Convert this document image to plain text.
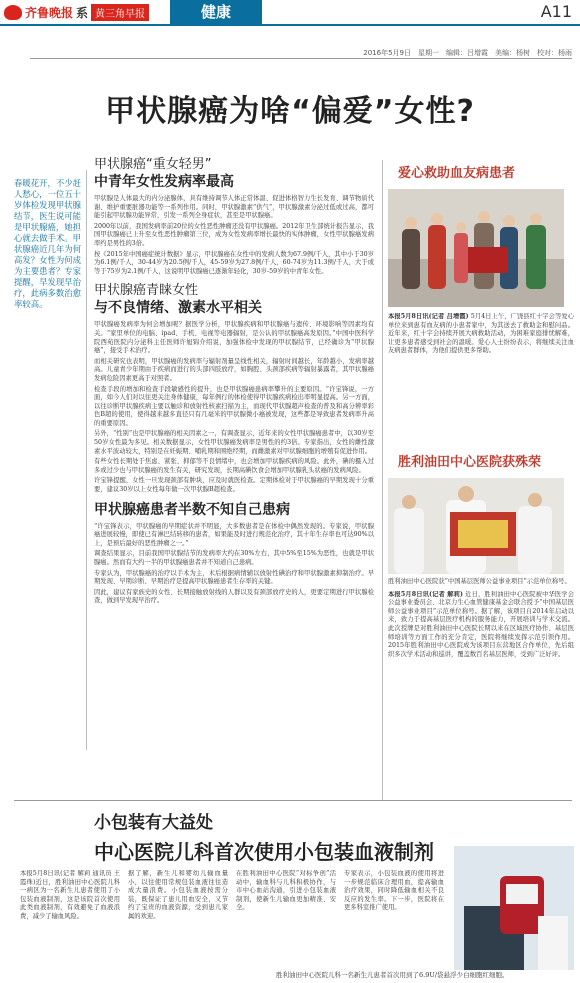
齐鲁晚报 系 黄三角早报	健康	A11
2016年5月9日　星期一　编辑：吕增霞　美编：杨树　校对：杨雨
甲状腺癌为啥“偏爱”女性?
春暖花开，不少赶人愁心，一位五十岁体检发现甲状腺结节，医生说可能是甲状腺癌，她担心就去做手术。甲状腺癌近几年为何高发？女性为何成为主要患者？专家提醒，早发现早治疗，此病多数治愈率较高。
甲状腺癌“重女轻男”
中青年女性发病率最高

甲状腺是人体最大的内分泌腺体，具有维持调节人体正常体温、促进体格智力生长发育、调节物质代谢、维护重要脏器功能等一系列作用。同时，甲状腺激素“供气”，甲状腺激素分泌过低或过高，都可能引起甲状腺功能异常，引发一系列全身症状，甚至是甲状腺癌。

2000年以前，我国发病率前20位的女性恶性肿瘤还没有甲状腺癌。2012年卫生部统计报告显示，我国甲状腺癌已上升至女性恶性肿瘤第三位，成为女性发病率增长最快的实体肿瘤，女性甲状腺癌发病率约是男性的3倍。

按《2015年中国癌症统计数据》显示，甲状腺癌在女性中的发病人数为67.9例/千人，其中小于30岁为6.1例/千人，30-44岁为20.5例/千人，45-59岁为27.8例/千人，60-74岁为11.3例/千人，大于或等于75岁为2.1例/千人，这说明甲状腺癌已逐渐年轻化，30岁-59岁的中青年女性。

甲状腺癌青睐女性
与不良情绪、激素水平相关

甲状腺癌发病率为何会增加呢？据医学分析，甲状腺疾病和甲状腺癌与遗传、环境影响等因素均有关。“家里单位的电脑、ipad、手机、电视等电器辐射，是公认的甲状腺癌高发原因。”中国中医科学院西苑医院内分泌科主任医师许旭锦介绍说，加强体检中发现的甲状腺结节，已经确诊为“甲状腺癌”，接受手术治疗。

而相关研究也表明，甲状腺癌的发病率与辐射剂量呈线性相关，辐射时间越长，年龄越小，发病率越高。儿童青少年期由于疾病而进行的头部四肢放疗，如胸腔、头颈部疾病等辐射暴露者，其甲状腺癌发病危险因素更高于对照者。

检查手段的增加和检查手段敏感性的提升，也是甲状腺癌患病率攀升的主要原因。“许宝锋说，一方面，如今人们对以往更关注身体健康，每年例行的体检使得甲状腺疾病检出率明显提高。另一方面，以往诊断甲状腺疾病主要以触诊和放射性核素扫描为主，而现代甲状腺超声检查的普及和高分辨率彩色B超的使用，使得越来越多直径只有几毫米的甲状腺微小癌被发现，这些都是导致患者发病率升高的重要原因。

另外，“性别”也是甲状腺癌的相关因素之一，有调查显示，近年来的女性甲状腺癌患者中，以30岁至50岁女性最为多见。相关数据显示，女性甲状腺癌发病率是男性的约3倍。专家指出，女性的雌性激素水平波动较大，特别是在妊娠期、哺乳期和围绝经期，而雌激素对甲状腺细胞的增殖有促进作用。

有些女性长期处于焦虑、紧张、抑郁等不良情绪中，也会增加甲状腺疾病的风险。此外，碘的摄入过多或过少也与甲状腺癌的发生有关，研究发现，长期高碘饮食会增加甲状腺乳头状癌的发病风险。

许宝锋提醒，女性一旦发现颈部有肿块，应及时就医检查。定期体检对于甲状腺癌的早期发现十分重要，建议30岁以上女性每年做一次甲状腺B超检查。

甲状腺癌患者半数不知自己患病

“许宝锋表示，甲状腺癌的早期症状并不明显，大多数患者是在体检中偶然发现的。专家说，甲状腺癌进展较慢，即使已有淋巴结转移的患者，如果能及时进行规范化治疗，其十年生存率也可达90%以上，是预后最好的恶性肿瘤之一。”

调查结果显示，目前我国甲状腺结节的发病率大约在30%左右，其中5%至15%为恶性，也就是甲状腺癌。然而有大约一半的甲状腺癌患者并不知道自己患病。

专家认为，甲状腺癌的治疗以手术为主，术后根据病情辅以放射性碘治疗和甲状腺激素抑制治疗。早期发现、早期诊断、早期治疗是提高甲状腺癌患者生存率的关键。

因此，建议有家族史的女性、长期接触放射线的人群以及有颈部放疗史的人，更要定期进行甲状腺检查，做到早发现早治疗。

爱心救助血友病患者

本报5月8日讯(记者 吕增霞) 5月4日上午，广饶县红十字会等爱心单位来到患有血友病的小患者家中，为其送去了救助金和慰问品。近年来，红十字会持续开展大病救助活动，为困难家庭排忧解难，让更多患者感受到社会的温暖。爱心人士纷纷表示，将继续关注血友病患者群体，为他们提供更多帮助。

胜利油田中心医院获殊荣
胜利油田中心医院获“中国基层医师公益事业项目”示范单位称号。

本报5月8日讯(记者 解莉) 近日，胜利油田中心医院被中华医学会公益事业委员会、北京力生心血管健康基金会联合授予“中国基层医师公益事业项目”示范单位称号。据了解，该项目自2014年启动以来，致力于提高基层医疗机构的服务能力，开展培训与学术交流。此次授牌是对胜利油田中心医院长期以来在区域医疗协作、基层医师培训等方面工作的充分肯定，医院将继续发挥示范引领作用。 2015年胜利油田中心医院成为该项目东营地区合作单位，先后组织多次学术活动和巡讲，覆盖数百名基层医师，受到广泛好评。

小包装有大益处
中心医院儿科首次使用小包装血液制剂

本报5月8日讯(记者 解莉 通讯员 王霞珠)近日，胜利油田中心医院儿科一病区为一名新生儿患者使用了小包装血液制剂，这是该院首次使用此类血液制剂，有效避免了血液浪费，减少了输血风险。

据了解，新生儿和婴幼儿输血量小，以往使用常规包装血液往往造成大量浪费。小包装血液按需分装，既保证了患儿用血安全，又节约了宝贵的血液资源，受到患儿家属的欢迎。

在胜利油田中心医院“对标争创”活动中，输血科与儿科积极协作，与市中心血站沟通，引进小包装血液制剂，使新生儿输血更加精准、安全。

专家表示，小包装血液的使用将进一步规范临床合理用血，提高输血治疗效果，同时降低输血相关不良反应的发生率。下一步，医院将在更多科室推广使用。

胜利油田中心医院儿科一名新生儿患者首次用到了6.9U/袋悬浮少白细胞红细胞。
